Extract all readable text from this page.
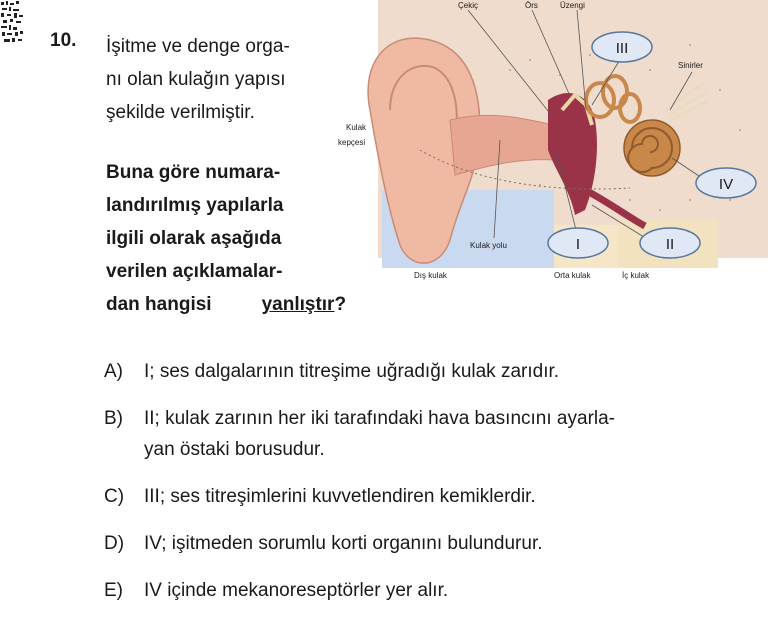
10. İşitme ve denge orga-
nı olan kulağın yapısı
şekilde verilmiştir.
Buna göre numara-
landırılmış yapılarla
ilgili olarak aşağıda
verilen açıklamalar-
dan hangisi	yanlıştır?
Çekiç	Örs	Üzengi
Kulak
kepçesi
Sinirler
Kulak yolu
Dış kulak	Orta kulak	İç kulak
I	II
III
IV
A) I; ses dalgalarının titreşime uğradığı kulak zarıdır.
B) II; kulak zarının her iki tarafındaki hava basıncını ayarla-
yan östaki borusudur.
C) III; ses titreşimlerini kuvvetlendiren kemiklerdir.
D) IV; işitmeden sorumlu korti organını bulundurur.
E) IV içinde mekanoreseptörler yer alır.
